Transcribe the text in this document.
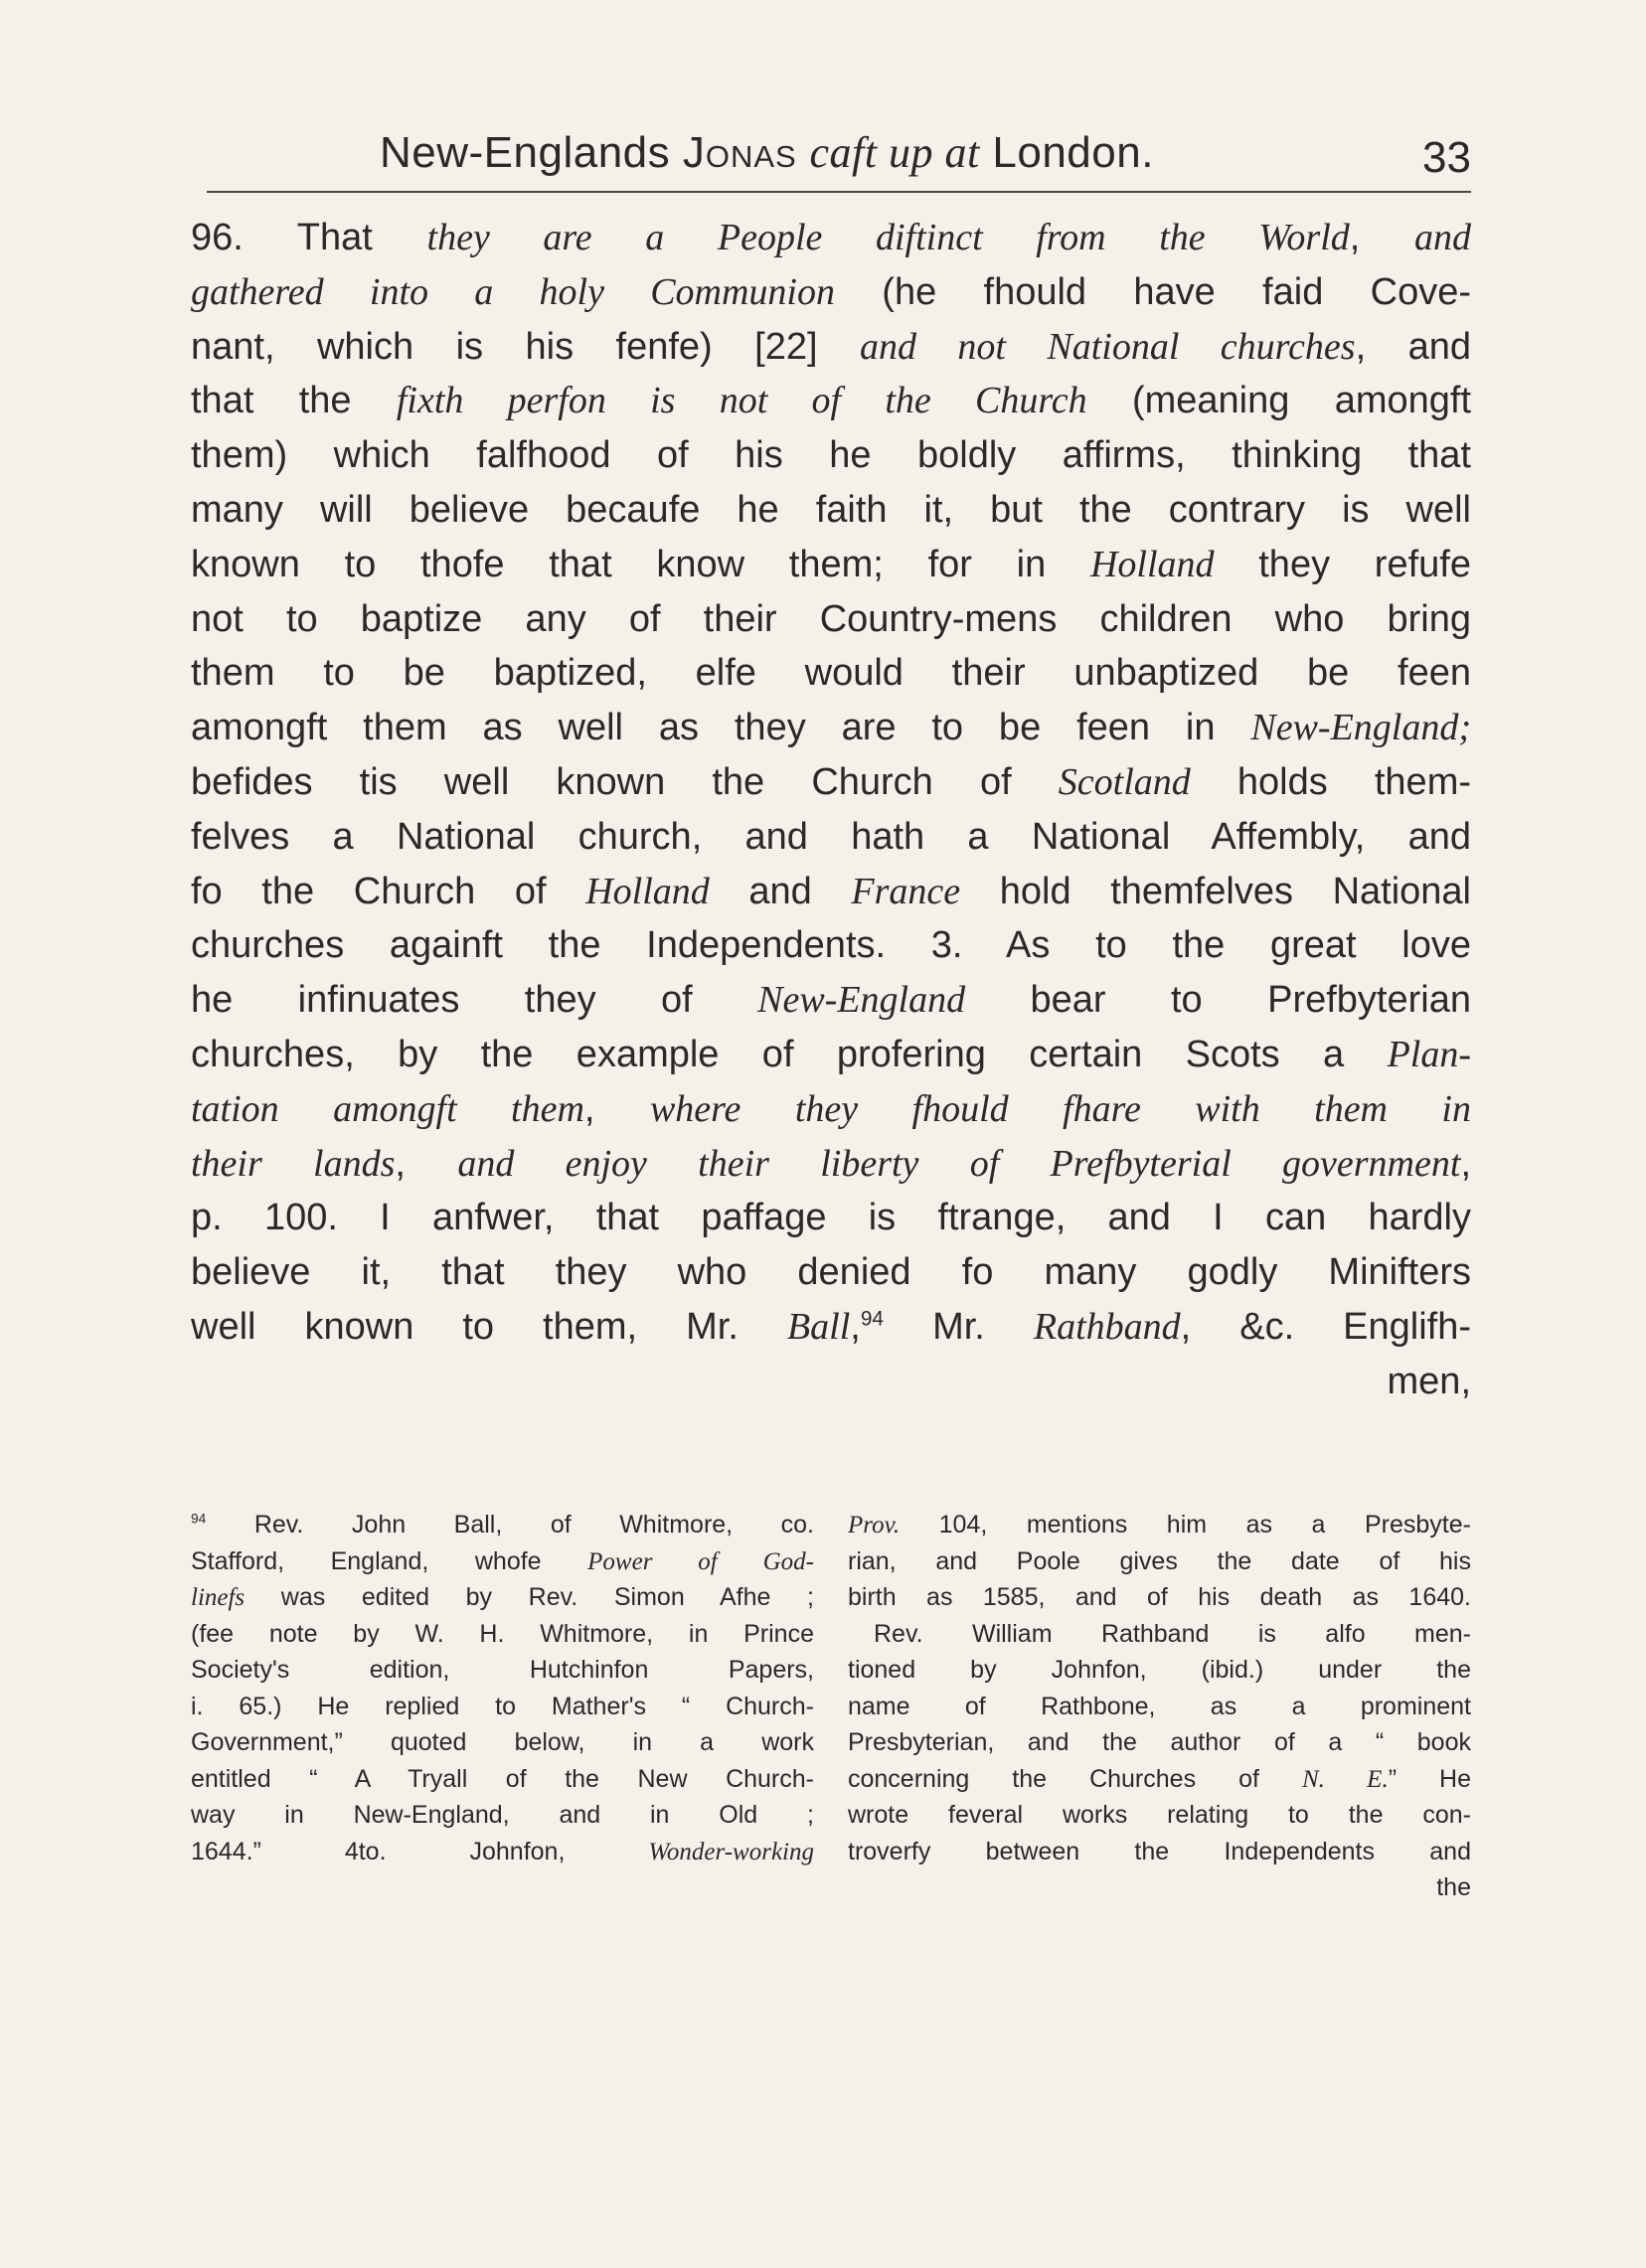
New-Englands Jonas caft up at London.	33
96. That they are a People diftinct from the World, and
gathered into a holy Communion (he fhould have faid Cove-
nant, which is his fenfe) [22] and not National churches, and
that the fixth perfon is not of the Church (meaning amongft
them) which falfhood of his he boldly affirms, thinking that
many will believe becaufe he faith it, but the contrary is well
known to thofe that know them; for in Holland they refufe
not to baptize any of their Country-mens children who bring
them to be baptized, elfe would their unbaptized be feen
amongft them as well as they are to be feen in New-England;
befides tis well known the Church of Scotland holds them-
felves a National church, and hath a National Affembly, and
fo the Church of Holland and France hold themfelves National
churches againft the Independents. 3. As to the great love
he infinuates they of New-England bear to Prefbyterian
churches, by the example of profering certain Scots a Plan-
tation amongft them, where they fhould fhare with them in
their lands, and enjoy their liberty of Prefbyterial government,
p. 100. I anfwer, that paffage is ftrange, and I can hardly
believe it, that they who denied fo many godly Minifters
well known to them, Mr. Ball,$^{94}$ Mr. Rathband, &c. Englifh-
men,
$^{94}$ Rev. John Ball, of Whitmore, co.
Stafford, England, whofe Power of God-
linefs was edited by Rev. Simon Afhe ;
(fee note by W. H. Whitmore, in Prince
Society's edition, Hutchinfon Papers,
i. 65.) He replied to Mather's “ Church-
Government,” quoted below, in a work
entitled “ A Tryall of the New Church-
way in New-England, and in Old ;
1644.” 4to. Johnfon, Wonder-working
Prov. 104, mentions him as a Presbyte-
rian, and Poole gives the date of his
birth as 1585, and of his death as 1640.
Rev. William Rathband is alfo men-
tioned by Johnfon, (ibid.) under the
name of Rathbone, as a prominent
Presbyterian, and the author of a “ book
concerning the Churches of N. E.” He
wrote feveral works relating to the con-
troverfy between the Independents and
the
